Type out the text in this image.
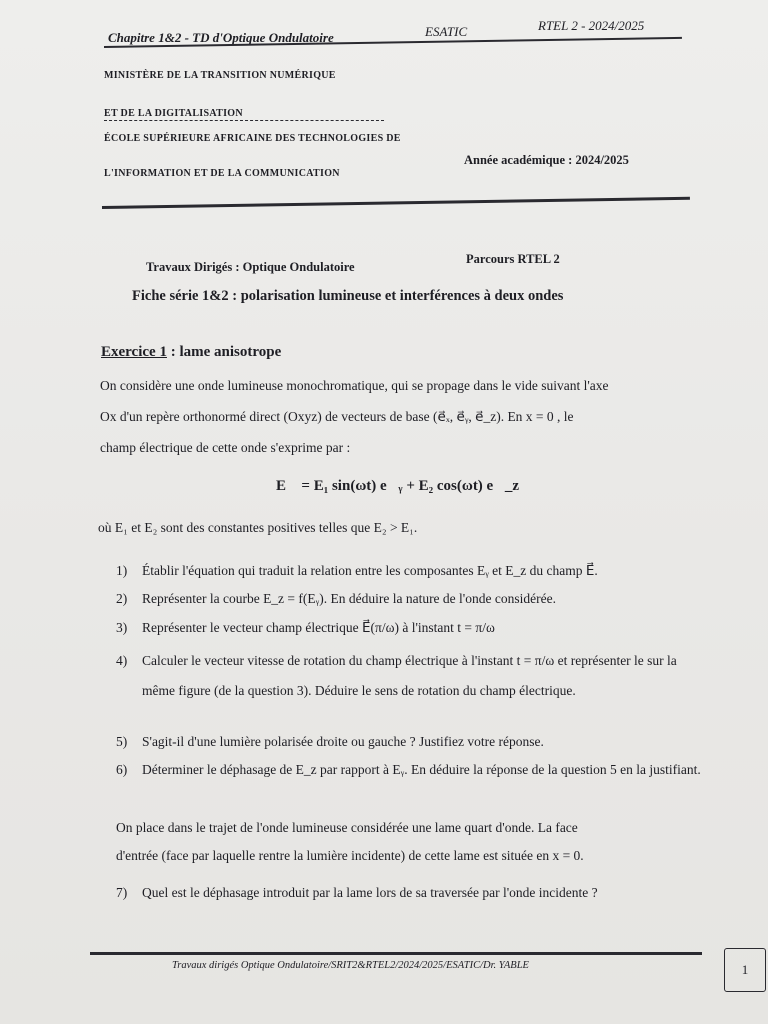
Chapitre 1&2 - TD d'Optique Ondulatoire	ESATIC	RTEL 2 - 2024/2025
MINISTÈRE DE LA TRANSITION NUMÉRIQUE
ET DE LA DIGITALISATION
ÉCOLE SUPÉRIEURE AFRICAINE DES TECHNOLOGIES DE
L'INFORMATION ET DE LA COMMUNICATION
Année académique : 2024/2025
Travaux Dirigés : Optique Ondulatoire
Parcours RTEL 2
Fiche série 1&2 : polarisation lumineuse et interférences à deux ondes
Exercice 1 : lame anisotrope
On considère une onde lumineuse monochromatique, qui se propage dans le vide suivant l'axe
Ox d'un repère orthonormé direct (Oxyz) de vecteurs de base (e⃗ₓ, e⃗ᵧ, e⃗_z). En x = 0 , le
champ électrique de cette onde s'exprime par :
E⃗ = E₁ sin(ωt) e⃗ᵧ + E₂ cos(ωt) e⃗_z
où E₁ et E₂ sont des constantes positives telles que E₂ > E₁.
1) Établir l'équation qui traduit la relation entre les composantes Eᵧ et E_z du champ E⃗.
2) Représenter la courbe E_z = f(Eᵧ). En déduire la nature de l'onde considérée.
3) Représenter le vecteur champ électrique E⃗(π/ω) à l'instant t = π/ω
4) Calculer le vecteur vitesse de rotation du champ électrique à l'instant t = π/ω et représenter le sur la même figure (de la question 3). Déduire le sens de rotation du champ électrique.
5) S'agit-il d'une lumière polarisée droite ou gauche ? Justifiez votre réponse.
6) Déterminer le déphasage de E_z par rapport à Eᵧ. En déduire la réponse de la question 5 en la justifiant.
On place dans le trajet de l'onde lumineuse considérée une lame quart d'onde. La face
d'entrée (face par laquelle rentre la lumière incidente) de cette lame est située en x = 0.
7) Quel est le déphasage introduit par la lame lors de sa traversée par l'onde incidente ?
Travaux dirigés Optique Ondulatoire/SRIT2&RTEL2/2024/2025/ESATIC/Dr. YABLE	1
